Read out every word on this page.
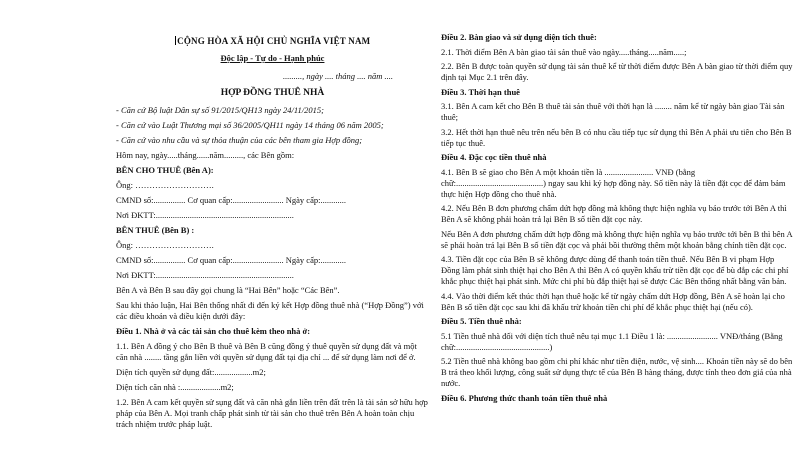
CỘNG HÒA XÃ HỘI CHỦ NGHĨA VIỆT NAM

Độc lập - Tự do - Hạnh phúc

........., ngày .... tháng .... năm ....

HỢP ĐỒNG THUÊ NHÀ

- Căn cứ Bộ luật Dân sự số 91/2015/QH13 ngày 24/11/2015;

- Căn cứ vào Luật Thương mại số 36/2005/QH11 ngày 14 tháng 06 năm 2005;

- Căn cứ vào nhu cầu và sự thỏa thuận của các bên tham gia Hợp đồng;

Hôm nay, ngày.....tháng......năm........., các Bên gồm:

BÊN CHO THUÊ (Bên A):

Ông: ……………………….

CMND số:............... Cơ quan cấp:........................ Ngày cấp:............

Nơi ĐKTT:.................................................................

BÊN THUÊ (Bên B) :

Ông: ……………………….

CMND số:............... Cơ quan cấp:........................ Ngày cấp:............

Nơi ĐKTT:.................................................................

Bên A và Bên B sau đây gọi chung là “Hai Bên” hoặc “Các Bên”.

Sau khi thảo luận, Hai Bên thống nhất đi đến ký kết Hợp đồng thuê nhà (“Hợp Đồng”) với các điều khoản và điều kiện dưới đây:

Điều 1. Nhà ở và các tài sản cho thuê kèm theo nhà ở:

1.1. Bên A đồng ý cho Bên B thuê và Bên B cũng đồng ý thuê quyền sử dụng đất và một căn nhà ........ tầng gắn liền với quyền sử dụng đất tại địa chỉ ... để sử dụng làm nơi để ở.

Diện tích quyền sử dụng đất:..................m2;

Diện tích căn nhà :...................m2;

1.2. Bên A cam kết quyền sử sụng đất và căn nhà gắn liền trên đất trên là tài sản sở hữu hợp pháp của Bên A. Mọi tranh chấp phát sinh từ tài sản cho thuê trên Bên A hoàn toàn chịu trách nhiệm trước pháp luật.

Điều 2. Bàn giao và sử dụng diện tích thuê:

2.1. Thời điểm Bên A bàn giao tài sản thuê vào ngày.....tháng.....năm.....;

2.2. Bên B được toàn quyền sử dụng tài sản thuê kể từ thời điểm được Bên A bàn giao từ thời điểm quy định tại Mục 2.1 trên đây.

Điều 3. Thời hạn thuê

3.1. Bên A cam kết cho Bên B thuê tài sản thuê với thời hạn là ........ năm kể từ ngày bàn giao Tài sản thuê;

3.2. Hết thời hạn thuê nêu trên nếu bên B có nhu cầu tiếp tục sử dụng thì Bên A phải ưu tiên cho Bên B tiếp tục thuê.

Điều 4. Đặc cọc tiền thuê nhà

4.1. Bên B sẽ giao cho Bên A một khoản tiền là ....................... VNĐ (bằng chữ:.........................................) ngay sau khi ký hợp đồng này. Số tiền này là tiền đặt cọc để đảm bảm thực hiện Hợp đồng cho thuê nhà.

4.2. Nếu Bên B đơn phương chấm dứt hợp đồng mà không thực hiện nghĩa vụ báo trước tới Bên A thì Bên A sẽ không phải hoàn trả lại Bên B số tiền đặt cọc này.

Nếu Bên A đơn phương chấm dứt hợp đồng mà không thực hiện nghĩa vụ báo trước tới bên B thì bên A sẽ phải hoàn trả lại Bên B số tiền đặt cọc và phải bồi thường thêm một khoản bằng chính tiền đặt cọc.

4.3. Tiền đặt cọc của Bên B sẽ không được dùng để thanh toán tiền thuê. Nếu Bên B vi phạm Hợp Đồng làm phát sinh thiệt hại cho Bên A thì Bên A có quyền khấu trừ tiền đặt cọc để bù đắp các chi phí khắc phục thiệt hại phát sinh. Mức chi phí bù đắp thiệt hại sẽ được Các Bên thống nhất bằng văn bản.

4.4. Vào thời điểm kết thúc thời hạn thuê hoặc kể từ ngày chấm dứt Hợp đồng, Bên A sẽ hoàn lại cho Bên B số tiền đặt cọc sau khi đã khấu trừ khoản tiền chi phí để khắc phục thiệt hại (nếu có).

Điều 5. Tiền thuê nhà:

5.1 Tiền thuê nhà đối với diện tích thuê nêu tại mục 1.1 Điều 1 là: ........................ VNĐ/tháng (Bằng chữ:............................................)

5.2 Tiền thuê nhà không bao gồm chi phí khác như tiền điện, nước, vệ sinh.... Khoản tiền này sẽ do bên B trả theo khối lượng, công suất sử dụng thực tế của Bên B hàng tháng, được tính theo đơn giá của nhà nước.

Điều 6. Phương thức thanh toán tiền thuê nhà
